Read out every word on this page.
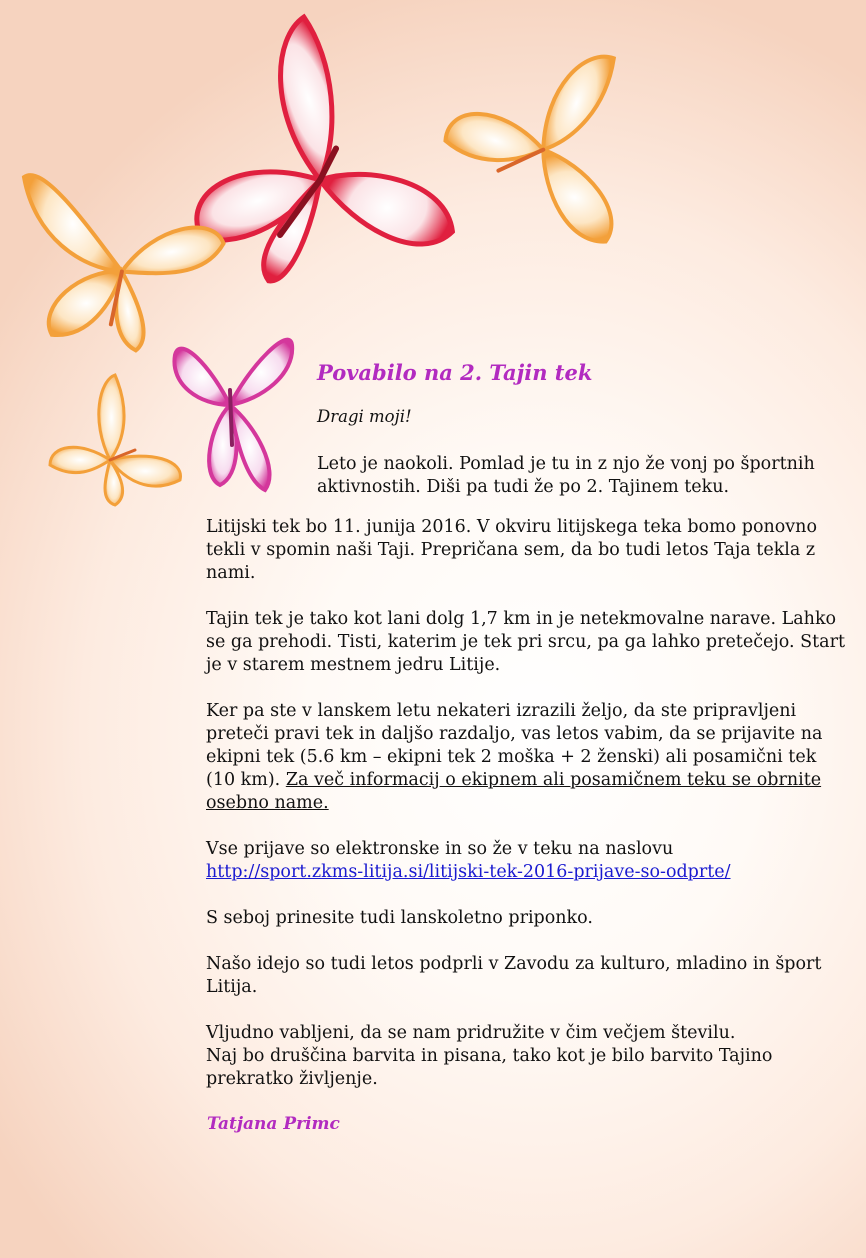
Povabilo na 2. Tajin tek

Dragi moji!

Leto je naokoli. Pomlad je tu in z njo že vonj po športnih aktivnostih. Diši pa tudi že po 2. Tajinem teku.

Litijski tek bo 11. junija 2016. V okviru litijskega teka bomo ponovno tekli v spomin naši Taji. Prepričana sem, da bo tudi letos Taja tekla z nami.

Tajin tek je tako kot lani dolg 1,7 km in je netekmovalne narave. Lahko se ga prehodi. Tisti, katerim je tek pri srcu, pa ga lahko pretečejo. Start je v starem mestnem jedru Litije.

Ker pa ste v lanskem letu nekateri izrazili željo, da ste pripravljeni preteči pravi tek in daljšo razdaljo, vas letos vabim, da se prijavite na ekipni tek (5.6 km – ekipni tek 2 moška + 2 ženski) ali posamični tek (10 km). Za več informacij o ekipnem ali posamičnem teku se obrnite osebno name.

Vse prijave so elektronske in so že v teku na naslovu
http://sport.zkms-litija.si/litijski-tek-2016-prijave-so-odprte/

S seboj prinesite tudi lanskoletno priponko.

Našo idejo so tudi letos podprli v Zavodu za kulturo, mladino in šport Litija.

Vljudno vabljeni, da se nam pridružite v čim večjem številu.
Naj bo druščina barvita in pisana, tako kot je bilo barvito Tajino prekratko življenje.

Tatjana Primc
